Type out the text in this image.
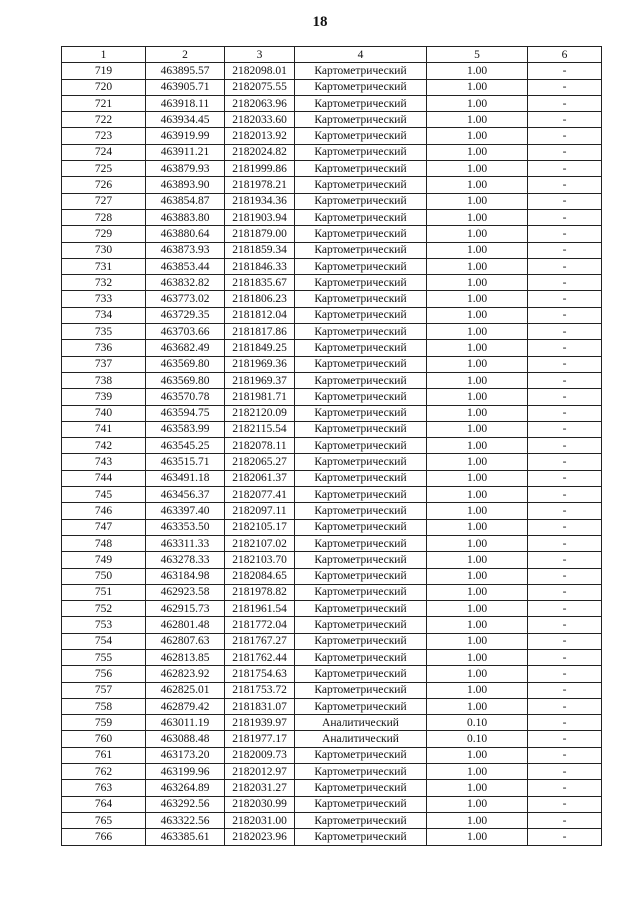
18
1	2	3	4	5	6
719	463895.57	2182098.01	Картометрический	1.00	-
720	463905.71	2182075.55	Картометрический	1.00	-
721	463918.11	2182063.96	Картометрический	1.00	-
722	463934.45	2182033.60	Картометрический	1.00	-
723	463919.99	2182013.92	Картометрический	1.00	-
724	463911.21	2182024.82	Картометрический	1.00	-
725	463879.93	2181999.86	Картометрический	1.00	-
726	463893.90	2181978.21	Картометрический	1.00	-
727	463854.87	2181934.36	Картометрический	1.00	-
728	463883.80	2181903.94	Картометрический	1.00	-
729	463880.64	2181879.00	Картометрический	1.00	-
730	463873.93	2181859.34	Картометрический	1.00	-
731	463853.44	2181846.33	Картометрический	1.00	-
732	463832.82	2181835.67	Картометрический	1.00	-
733	463773.02	2181806.23	Картометрический	1.00	-
734	463729.35	2181812.04	Картометрический	1.00	-
735	463703.66	2181817.86	Картометрический	1.00	-
736	463682.49	2181849.25	Картометрический	1.00	-
737	463569.80	2181969.36	Картометрический	1.00	-
738	463569.80	2181969.37	Картометрический	1.00	-
739	463570.78	2181981.71	Картометрический	1.00	-
740	463594.75	2182120.09	Картометрический	1.00	-
741	463583.99	2182115.54	Картометрический	1.00	-
742	463545.25	2182078.11	Картометрический	1.00	-
743	463515.71	2182065.27	Картометрический	1.00	-
744	463491.18	2182061.37	Картометрический	1.00	-
745	463456.37	2182077.41	Картометрический	1.00	-
746	463397.40	2182097.11	Картометрический	1.00	-
747	463353.50	2182105.17	Картометрический	1.00	-
748	463311.33	2182107.02	Картометрический	1.00	-
749	463278.33	2182103.70	Картометрический	1.00	-
750	463184.98	2182084.65	Картометрический	1.00	-
751	462923.58	2181978.82	Картометрический	1.00	-
752	462915.73	2181961.54	Картометрический	1.00	-
753	462801.48	2181772.04	Картометрический	1.00	-
754	462807.63	2181767.27	Картометрический	1.00	-
755	462813.85	2181762.44	Картометрический	1.00	-
756	462823.92	2181754.63	Картометрический	1.00	-
757	462825.01	2181753.72	Картометрический	1.00	-
758	462879.42	2181831.07	Картометрический	1.00	-
759	463011.19	2181939.97	Аналитический	0.10	-
760	463088.48	2181977.17	Аналитический	0.10	-
761	463173.20	2182009.73	Картометрический	1.00	-
762	463199.96	2182012.97	Картометрический	1.00	-
763	463264.89	2182031.27	Картометрический	1.00	-
764	463292.56	2182030.99	Картометрический	1.00	-
765	463322.56	2182031.00	Картометрический	1.00	-
766	463385.61	2182023.96	Картометрический	1.00	-
